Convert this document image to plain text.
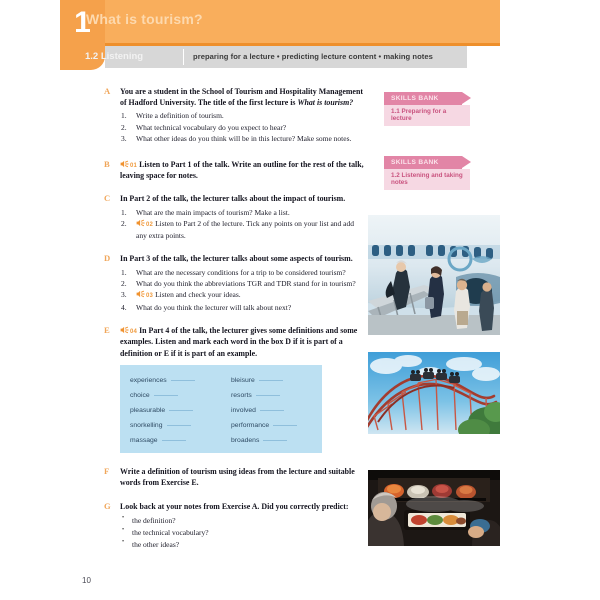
1
What is tourism?
1.2 Listening	preparing for a lecture • predicting lecture content • making notes
SKILLS BANK
1.1 Preparing for a lecture
SKILLS BANK
1.2 Listening and taking notes
A	You are a student in the School of Tourism and Hospitality Management of Hadford University. The title of the first lecture is What is tourism?
1. Write a definition of tourism.
2. What technical vocabulary do you expect to hear?
3. What other ideas do you think will be in this lecture? Make some notes.
B	01 Listen to Part 1 of the talk. Write an outline for the rest of the talk, leaving space for notes.
C	In Part 2 of the talk, the lecturer talks about the impact of tourism.
1. What are the main impacts of tourism? Make a list.
2.	02 Listen to Part 2 of the lecture. Tick any points on your list and add any extra points.
D	In Part 3 of the talk, the lecturer talks about some aspects of tourism.
1. What are the necessary conditions for a trip to be considered tourism?
2. What do you think the abbreviations TGR and TDR stand for in tourism?
3.	03 Listen and check your ideas.
4. What do you think the lecturer will talk about next?
E	04 In Part 4 of the talk, the lecturer gives some definitions and some examples. Listen and mark each word in the box D if it is part of a definition or E if it is part of an example.
experiences	bleisure
choice	resorts
pleasurable	involved
snorkelling	performance
massage	broadens
F	Write a definition of tourism using ideas from the lecture and suitable words from Exercise E.
G	Look back at your notes from Exercise A. Did you correctly predict:
• the definition?
• the technical vocabulary?
• the other ideas?
10
